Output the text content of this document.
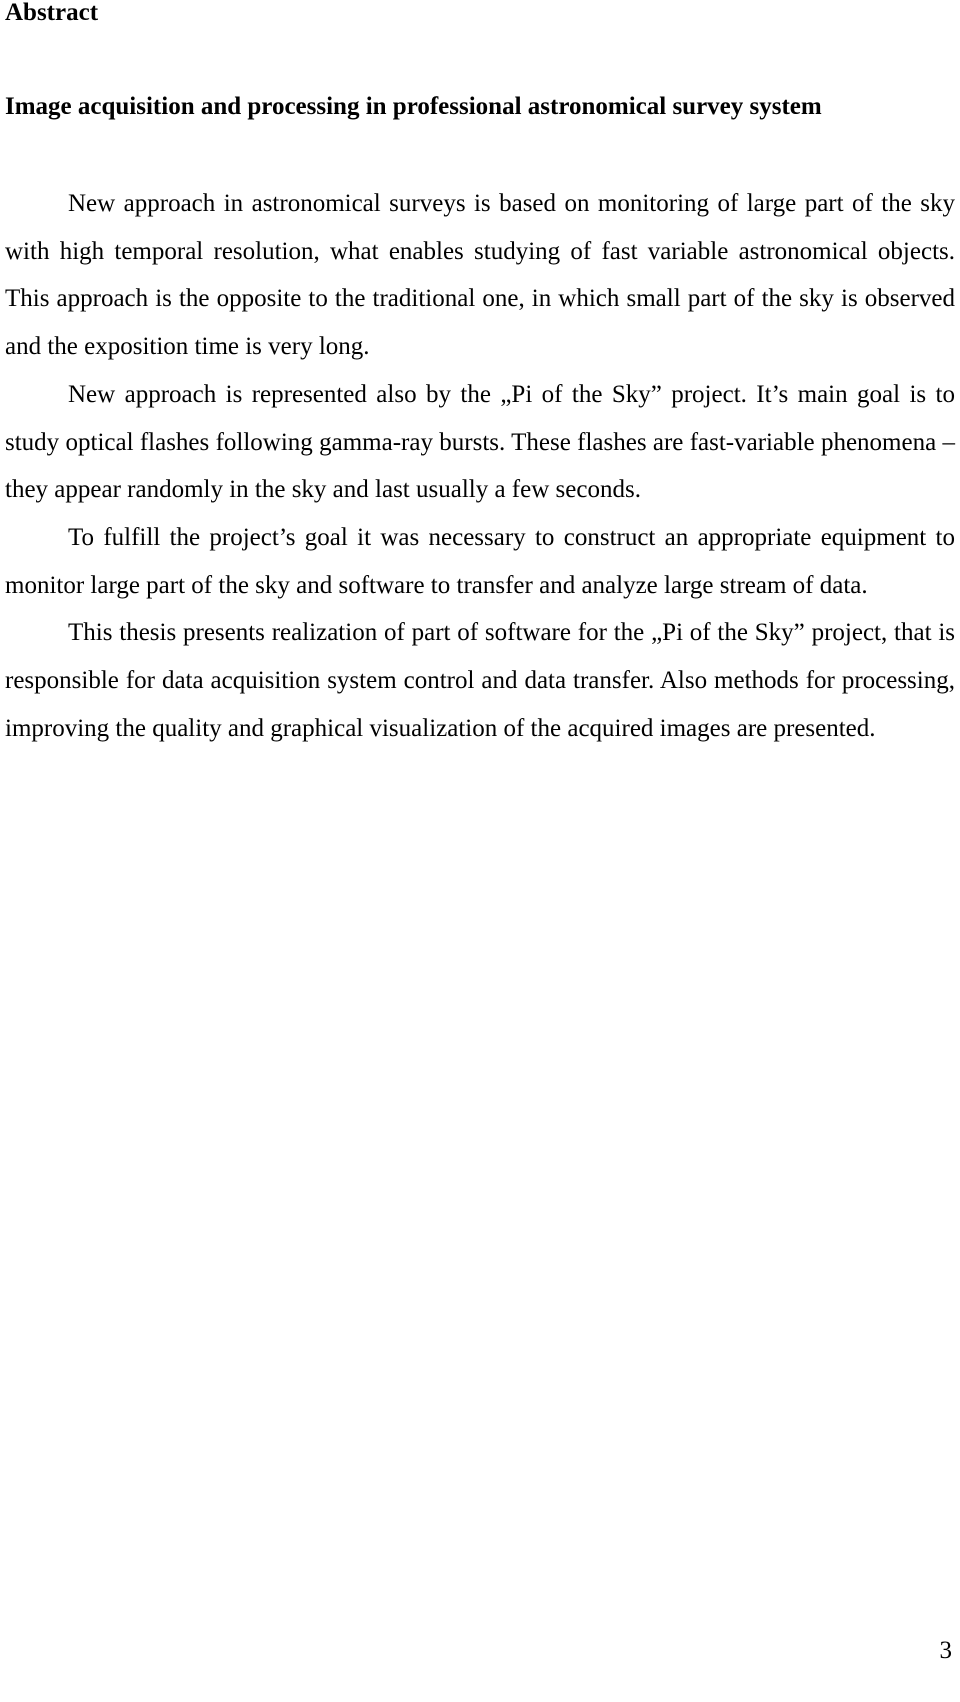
Abstract
Image acquisition and processing in professional astronomical survey system

New approach in astronomical surveys is based on monitoring of large part of the sky with high temporal resolution, what enables studying of fast variable astronomical objects. This approach is the opposite to the traditional one, in which small part of the sky is observed and the exposition time is very long.

New approach is represented also by the „Pi of the Sky” project. It’s main goal is to study optical flashes following gamma-ray bursts. These flashes are fast-variable phenomena – they appear randomly in the sky and last usually a few seconds.

To fulfill the project’s goal it was necessary to construct an appropriate equipment to monitor large part of the sky and software to transfer and analyze large stream of data.

This thesis presents realization of part of software for the „Pi of the Sky” project, that is responsible for data acquisition system control and data transfer. Also methods for processing, improving the quality and graphical visualization of the acquired images are presented.

3
